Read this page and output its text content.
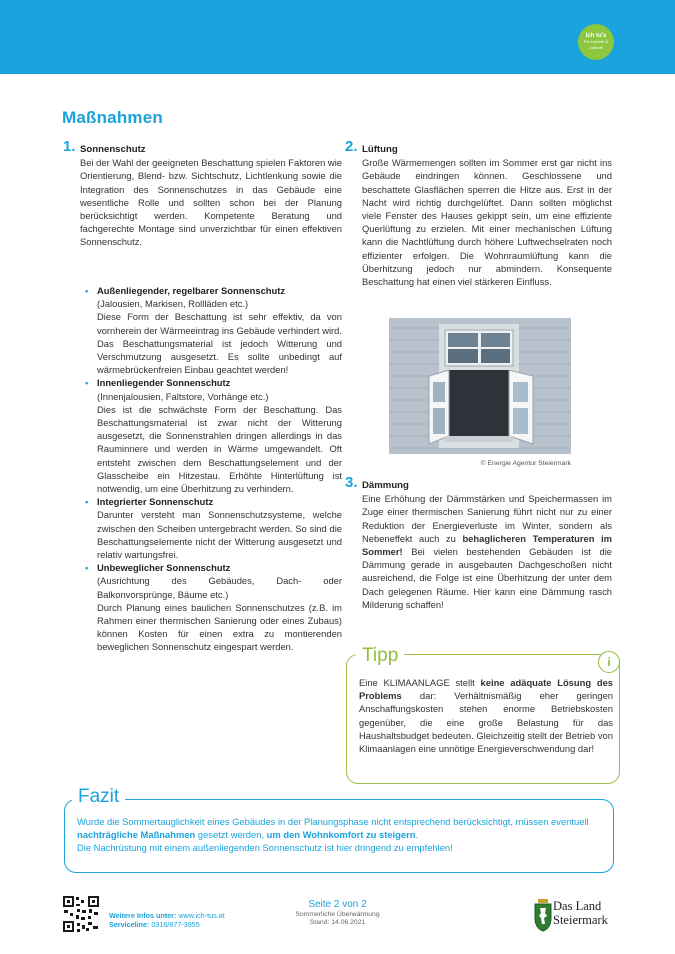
Ich tu's
Für Umwelt & Zukunft
Maßnahmen
1. Sonnenschutz
Bei der Wahl der geeigneten Beschattung spielen Faktoren wie Orientierung, Blend- bzw. Sichtschutz, Lichtlenkung sowie die Integration des Sonnenschutzes in das Gebäude eine wesentliche Rolle und sollten schon bei der Planung berücksichtigt werden. Kompetente Beratung und fachgerechte Montage sind unverzichtbar für einen effektiven Sonnenschutz.
• Außenliegender, regelbarer Sonnenschutz
(Jalousien, Markisen, Rollläden etc.)
Diese Form der Beschattung ist sehr effektiv, da von vornherein der Wärmeeintrag ins Gebäude verhindert wird. Das Beschattungsmaterial ist jedoch Witterung und Verschmutzung ausgesetzt. Es sollte unbedingt auf wärmebrückenfreien Einbau geachtet werden!
• Innenliegender Sonnenschutz
(Innenjalousien, Faltstore, Vorhänge etc.)
Dies ist die schwächste Form der Beschattung. Das Beschattungsmaterial ist zwar nicht der Witterung ausgesetzt, die Sonnenstrahlen dringen allerdings in das Rauminnere und werden in Wärme umgewandelt. Oft entsteht zwischen dem Beschattungselement und der Glasscheibe ein Hitzestau. Erhöhte Hinterlüftung ist notwendig, um eine Überhitzung zu verhindern.
• Integrierter Sonnenschutz
Darunter versteht man Sonnenschutzsysteme, welche zwischen den Scheiben untergebracht werden. So sind die Beschattungselemente nicht der Witterung ausgesetzt und relativ wartungsfrei.
• Unbeweglicher Sonnenschutz
(Ausrichtung des Gebäudes, Dach- oder Balkonvorsprünge, Bäume etc.)
Durch Planung eines baulichen Sonnenschutzes (z.B. im Rahmen einer thermischen Sanierung oder eines Zubaus) können Kosten für einen extra zu montierenden beweglichen Sonnenschutz eingespart werden.
2. Lüftung
Große Wärmemengen sollten im Sommer erst gar nicht ins Gebäude eindringen können. Geschlossene und beschattete Glasflächen sperren die Hitze aus. Erst in der Nacht wird richtig durchgelüftet. Dann sollten möglichst viele Fenster des Hauses gekippt sein, um eine effiziente Querlüftung zu erzielen. Mit einer mechanischen Lüftung kann die Nachtlüftung durch höhere Luftwechselraten noch effizienter erfolgen. Die Wohnraumlüftung kann die Überhitzung jedoch nur abmindern. Konsequente Beschattung hat einen viel stärkeren Einfluss.
© Energie Agentur Steiermark
3. Dämmung
Eine Erhöhung der Dämmstärken und Speichermassen im Zuge einer thermischen Sanierung führt nicht nur zu einer Reduktion der Energieverluste im Winter, sondern als Nebeneffekt auch zu behaglicheren Temperaturen im Sommer! Bei vielen bestehenden Gebäuden ist die Dämmung gerade in ausgebauten Dachgeschoßen nicht ausreichend, die Folge ist eine Überhitzung der unter dem Dach gelegenen Räume. Hier kann eine Dämmung rasch Milderung schaffen!
Tipp	i
Eine KLIMAANLAGE stellt keine adäquate Lösung des Problems dar: Verhältnismäßig eher geringen Anschaffungskosten stehen enorme Betriebskosten gegenüber, die eine große Belastung für das Haushaltsbudget bedeuten. Gleichzeitig stellt der Betrieb von Klimaanlagen eine unnötige Energieverschwendung dar!
Fazit
Wurde die Sommertauglichkeit eines Gebäudes in der Planungsphase nicht entsprechend berücksichtigt, müssen eventuell nachträgliche Maßnahmen gesetzt werden, um den Wohnkomfort zu steigern.
Die Nachrüstung mit einem außenliegenden Sonnenschutz ist hier dringend zu empfehlen!
Weitere Infos unter: www.ich-tus.at
Serviceline: 0316/877-3955
Seite 2 von 2
Sommerliche Überwärmung
Stand: 14.06.2021
Das Land
Steiermark
